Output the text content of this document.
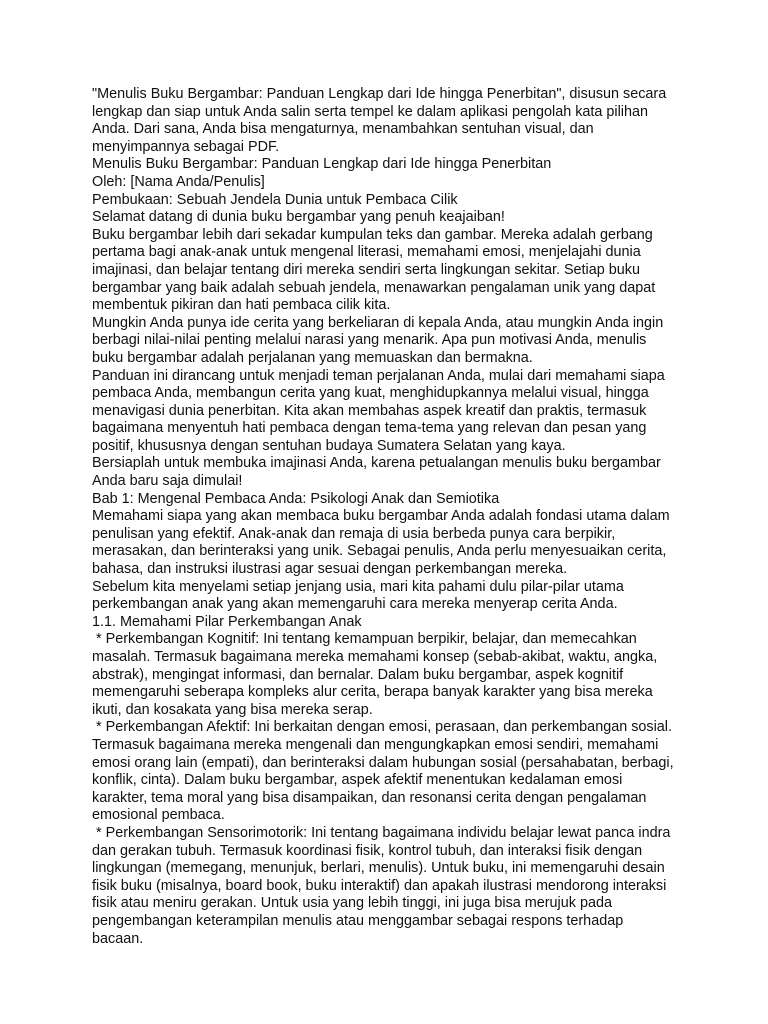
"Menulis Buku Bergambar: Panduan Lengkap dari Ide hingga Penerbitan", disusun secara lengkap dan siap untuk Anda salin serta tempel ke dalam aplikasi pengolah kata pilihan Anda. Dari sana, Anda bisa mengaturnya, menambahkan sentuhan visual, dan menyimpannya sebagai PDF.

Menulis Buku Bergambar: Panduan Lengkap dari Ide hingga Penerbitan

Oleh: [Nama Anda/Penulis]

Pembukaan: Sebuah Jendela Dunia untuk Pembaca Cilik

Selamat datang di dunia buku bergambar yang penuh keajaiban!

Buku bergambar lebih dari sekadar kumpulan teks dan gambar. Mereka adalah gerbang pertama bagi anak-anak untuk mengenal literasi, memahami emosi, menjelajahi dunia imajinasi, dan belajar tentang diri mereka sendiri serta lingkungan sekitar. Setiap buku bergambar yang baik adalah sebuah jendela, menawarkan pengalaman unik yang dapat membentuk pikiran dan hati pembaca cilik kita.

Mungkin Anda punya ide cerita yang berkeliaran di kepala Anda, atau mungkin Anda ingin berbagi nilai-nilai penting melalui narasi yang menarik. Apa pun motivasi Anda, menulis buku bergambar adalah perjalanan yang memuaskan dan bermakna.

Panduan ini dirancang untuk menjadi teman perjalanan Anda, mulai dari memahami siapa pembaca Anda, membangun cerita yang kuat, menghidupkannya melalui visual, hingga menavigasi dunia penerbitan. Kita akan membahas aspek kreatif dan praktis, termasuk bagaimana menyentuh hati pembaca dengan tema-tema yang relevan dan pesan yang positif, khususnya dengan sentuhan budaya Sumatera Selatan yang kaya.

Bersiaplah untuk membuka imajinasi Anda, karena petualangan menulis buku bergambar Anda baru saja dimulai!

Bab 1: Mengenal Pembaca Anda: Psikologi Anak dan Semiotika

Memahami siapa yang akan membaca buku bergambar Anda adalah fondasi utama dalam penulisan yang efektif. Anak-anak dan remaja di usia berbeda punya cara berpikir, merasakan, dan berinteraksi yang unik. Sebagai penulis, Anda perlu menyesuaikan cerita, bahasa, dan instruksi ilustrasi agar sesuai dengan perkembangan mereka.

Sebelum kita menyelami setiap jenjang usia, mari kita pahami dulu pilar-pilar utama perkembangan anak yang akan memengaruhi cara mereka menyerap cerita Anda.

1.1. Memahami Pilar Perkembangan Anak

* Perkembangan Kognitif: Ini tentang kemampuan berpikir, belajar, dan memecahkan masalah. Termasuk bagaimana mereka memahami konsep (sebab-akibat, waktu, angka, abstrak), mengingat informasi, dan bernalar. Dalam buku bergambar, aspek kognitif memengaruhi seberapa kompleks alur cerita, berapa banyak karakter yang bisa mereka ikuti, dan kosakata yang bisa mereka serap.

* Perkembangan Afektif: Ini berkaitan dengan emosi, perasaan, dan perkembangan sosial. Termasuk bagaimana mereka mengenali dan mengungkapkan emosi sendiri, memahami emosi orang lain (empati), dan berinteraksi dalam hubungan sosial (persahabatan, berbagi, konflik, cinta). Dalam buku bergambar, aspek afektif menentukan kedalaman emosi karakter, tema moral yang bisa disampaikan, dan resonansi cerita dengan pengalaman emosional pembaca.

* Perkembangan Sensorimotorik: Ini tentang bagaimana individu belajar lewat panca indra dan gerakan tubuh. Termasuk koordinasi fisik, kontrol tubuh, dan interaksi fisik dengan lingkungan (memegang, menunjuk, berlari, menulis). Untuk buku, ini memengaruhi desain fisik buku (misalnya, board book, buku interaktif) dan apakah ilustrasi mendorong interaksi fisik atau meniru gerakan. Untuk usia yang lebih tinggi, ini juga bisa merujuk pada pengembangan keterampilan menulis atau menggambar sebagai respons terhadap bacaan.
